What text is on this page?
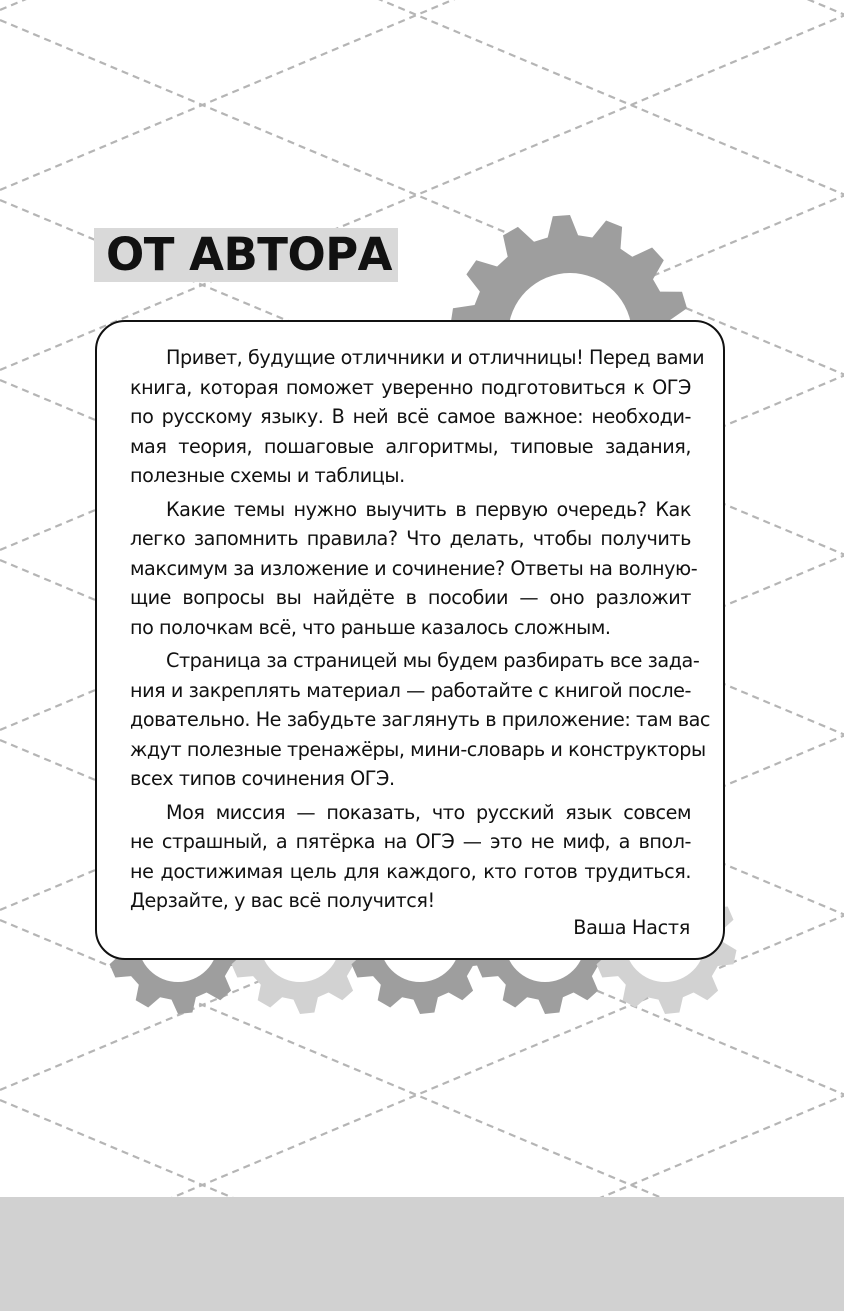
ОТ АВТОРА

Привет, будущие отличники и отличницы! Перед вами
книга, которая поможет уверенно подготовиться к ОГЭ
по русскому языку. В ней всё самое важное: необходи-
мая теория, пошаговые алгоритмы, типовые задания,
полезные схемы и таблицы.

Какие темы нужно выучить в первую очередь? Как
легко запомнить правила? Что делать, чтобы получить
максимум за изложение и сочинение? Ответы на волную-
щие вопросы вы найдёте в пособии — оно разложит
по полочкам всё, что раньше казалось сложным.

Страница за страницей мы будем разбирать все зада-
ния и закреплять материал — работайте с книгой после-
довательно. Не забудьте заглянуть в приложение: там вас
ждут полезные тренажёры, мини-словарь и конструкторы
всех типов сочинения ОГЭ.

Моя миссия — показать, что русский язык совсем
не страшный, а пятёрка на ОГЭ — это не миф, а впол-
не достижимая цель для каждого, кто готов трудиться.
Дерзайте, у вас всё получится!

Ваша Настя
